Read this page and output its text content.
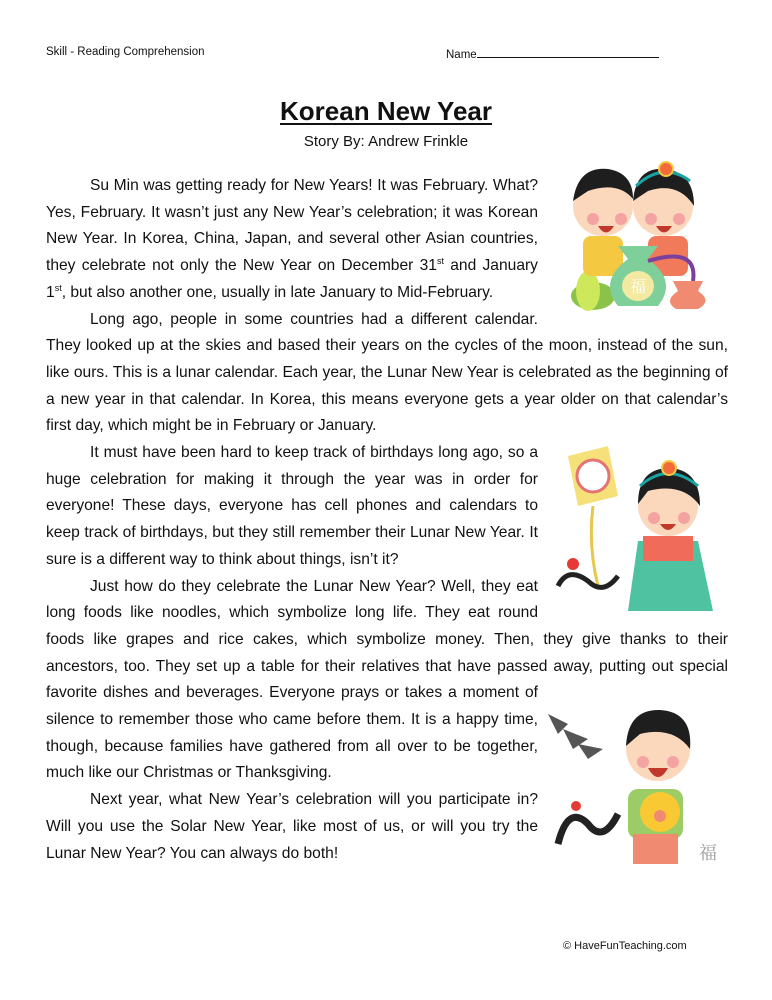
Skill - Reading Comprehension	Name
Korean New Year
Story By: Andrew Frinkle
福

Su Min was getting ready for New Years! It was February. What? Yes, February. It wasn’t just any New Year’s celebration; it was Korean New Year. In Korea, China, Japan, and several other Asian countries, they celebrate not only the New Year on December 31st and January 1st, but also another one, usually in late January to Mid-February.

Long ago, people in some countries had a different calendar. They looked up at the skies and based their years on the cycles of the moon, instead of the sun, like ours. This is a lunar calendar. Each year, the Lunar New Year is celebrated as the beginning of a new year in that calendar. In Korea, this means everyone gets a year older on that calendar’s first day, which might be in February or January.

It must have been hard to keep track of birthdays long ago, so a huge celebration for making it through the year was in order for everyone! These days, everyone has cell phones and calendars to keep track of birthdays, but they still remember their Lunar New Year. It sure is a different way to think about things, isn’t it?

福

Just how do they celebrate the Lunar New Year? Well, they eat long foods like noodles, which symbolize long life. They eat round foods like grapes and rice cakes, which symbolize money. Then, they give thanks to their ancestors, too. They set up a table for their relatives that have passed away, putting out special favorite dishes and beverages. Everyone prays or takes a moment of silence to remember those who came before them. It is a happy time, though, because families have gathered from all over to be together, much like our Christmas or Thanksgiving.

Next year, what New Year’s celebration will you participate in? Will you use the Solar New Year, like most of us, or will you try the Lunar New Year? You can always do both!

© HaveFunTeaching.com
